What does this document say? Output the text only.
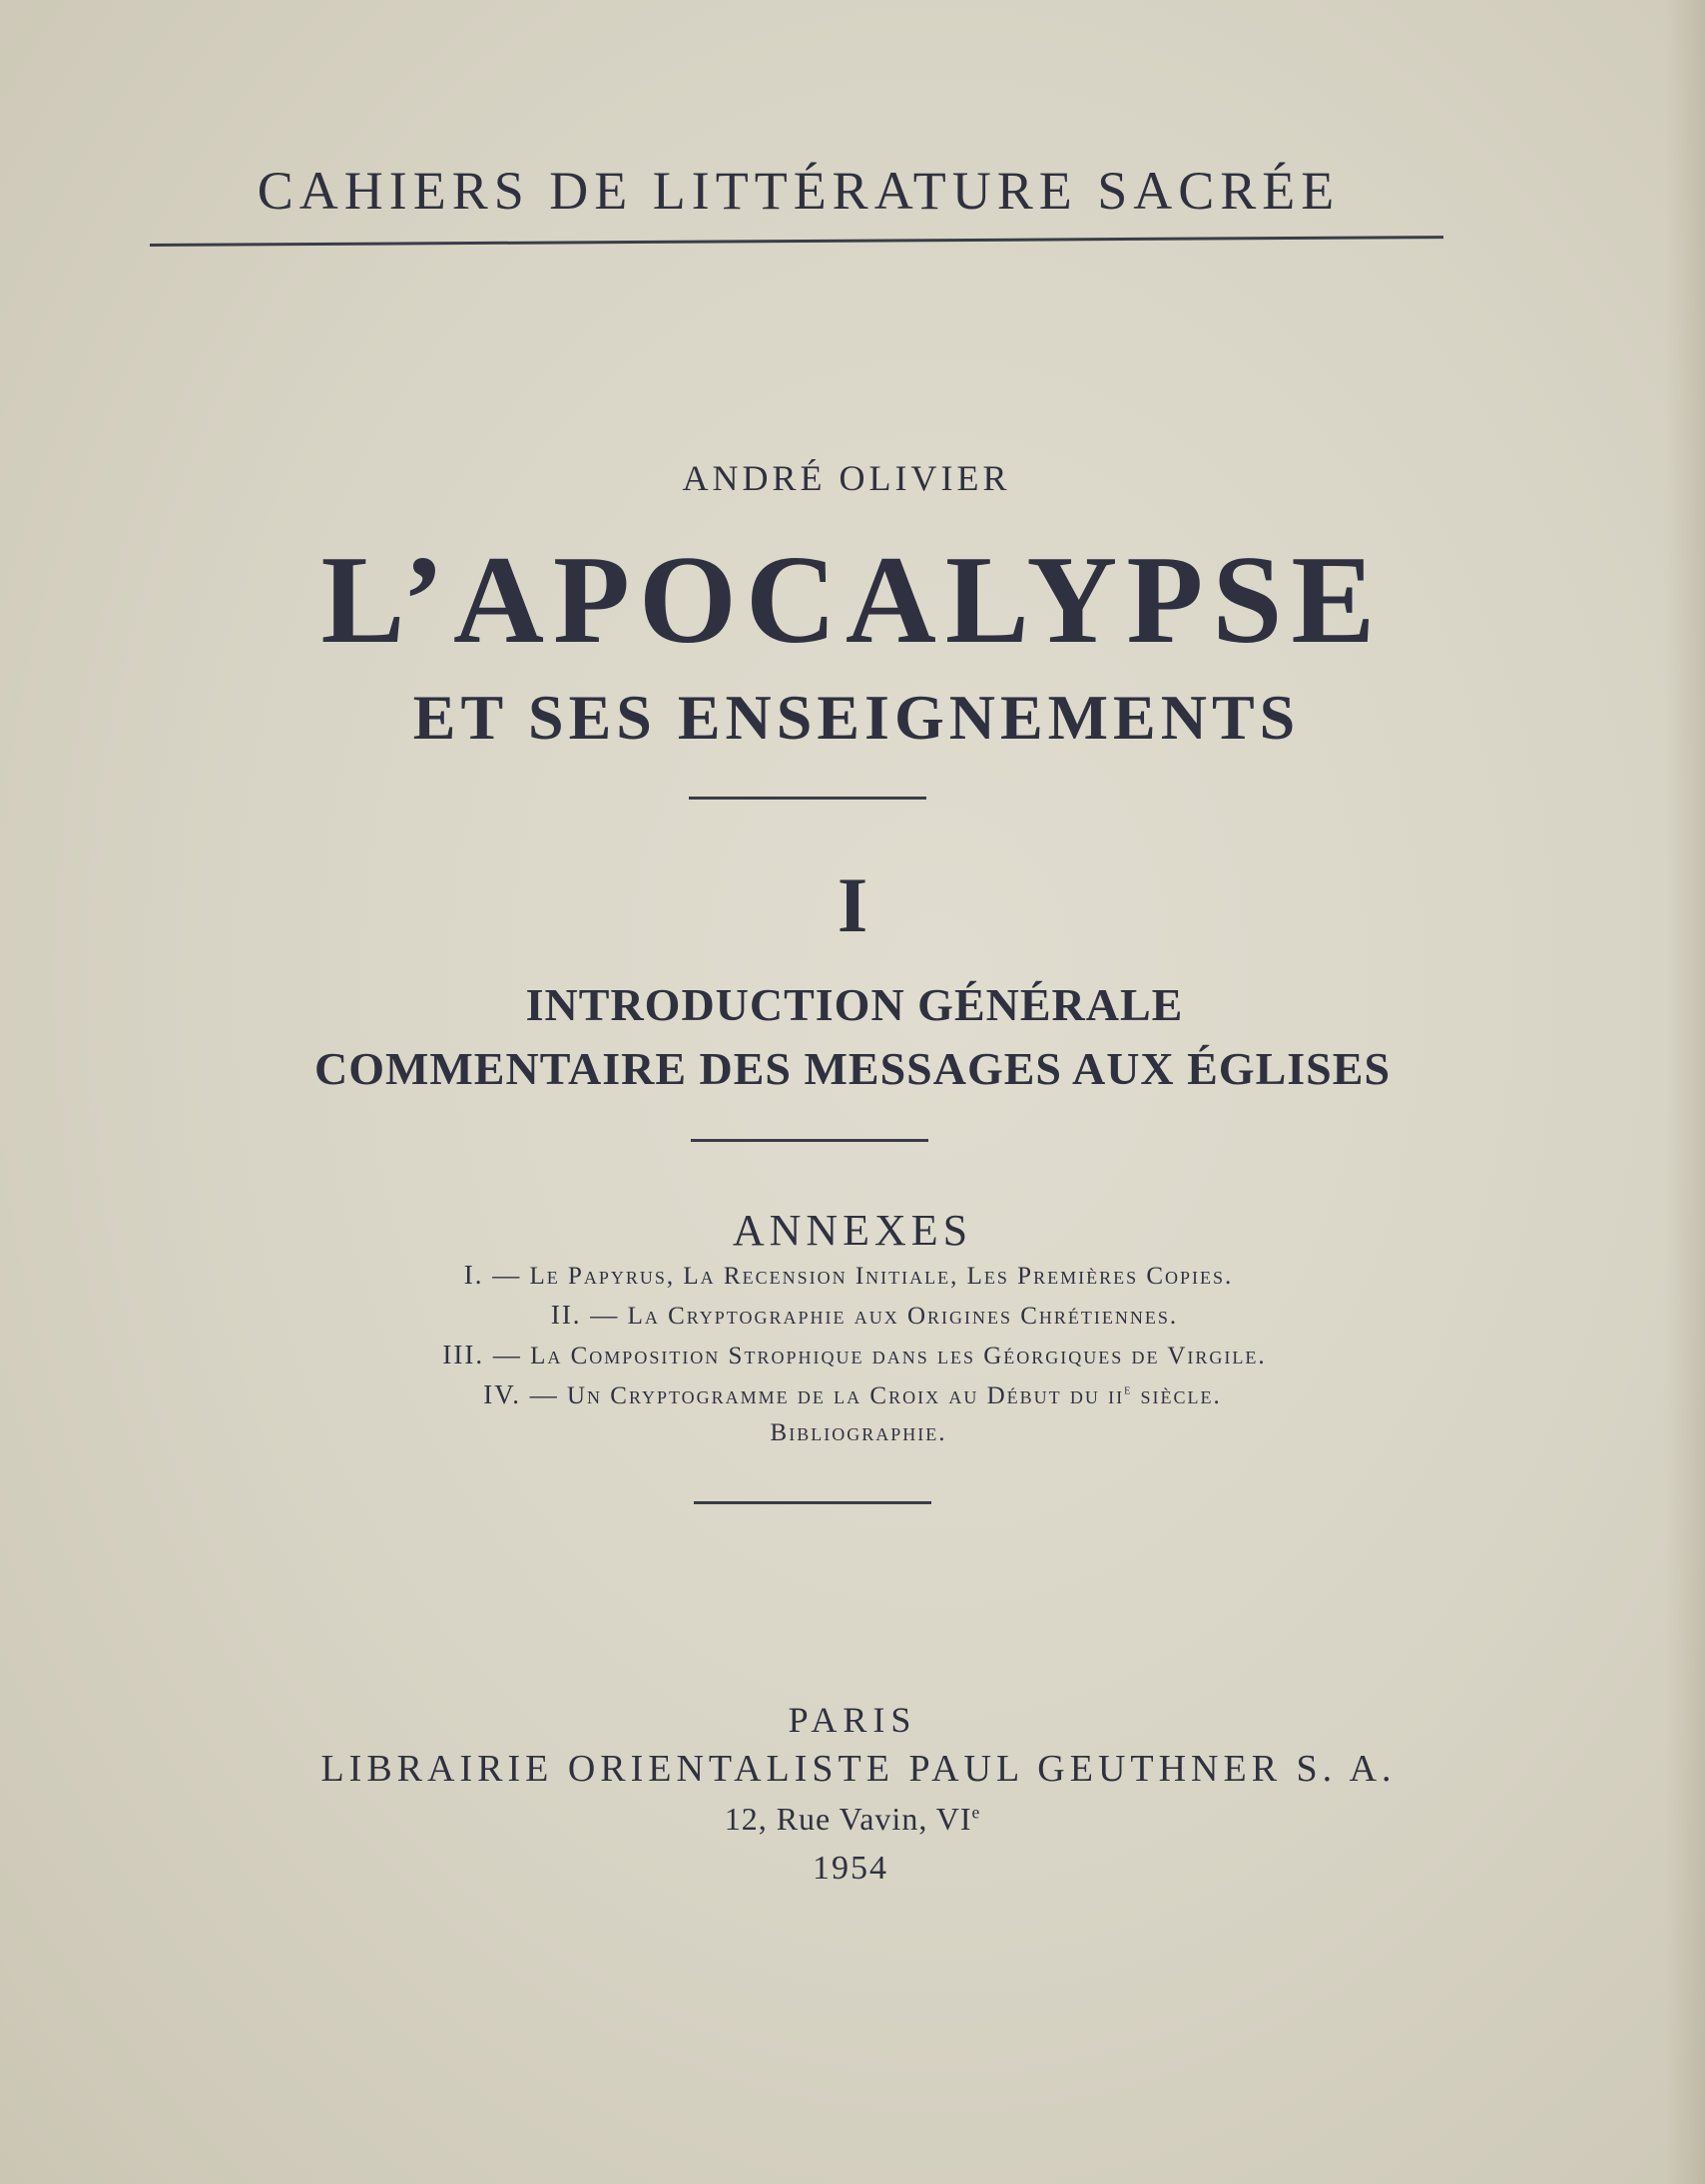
CAHIERS DE LITTÉRATURE SACRÉE
ANDRÉ OLIVIER
L’APOCALYPSE
ET SES ENSEIGNEMENTS
I
INTRODUCTION GÉNÉRALE
COMMENTAIRE DES MESSAGES AUX ÉGLISES
ANNEXES
I. — Le Papyrus, La Recension Initiale, Les Premières Copies.
II. — La Cryptographie aux Origines Chrétiennes.
III. — La Composition Strophique dans les Géorgiques de Virgile.
IV. — Un Cryptogramme de la Croix au Début du $ii^e$ siècle.
Bibliographie.
PARIS
LIBRAIRIE ORIENTALISTE PAUL GEUTHNER S. A.
12, Rue Vavin, VIe
1954
